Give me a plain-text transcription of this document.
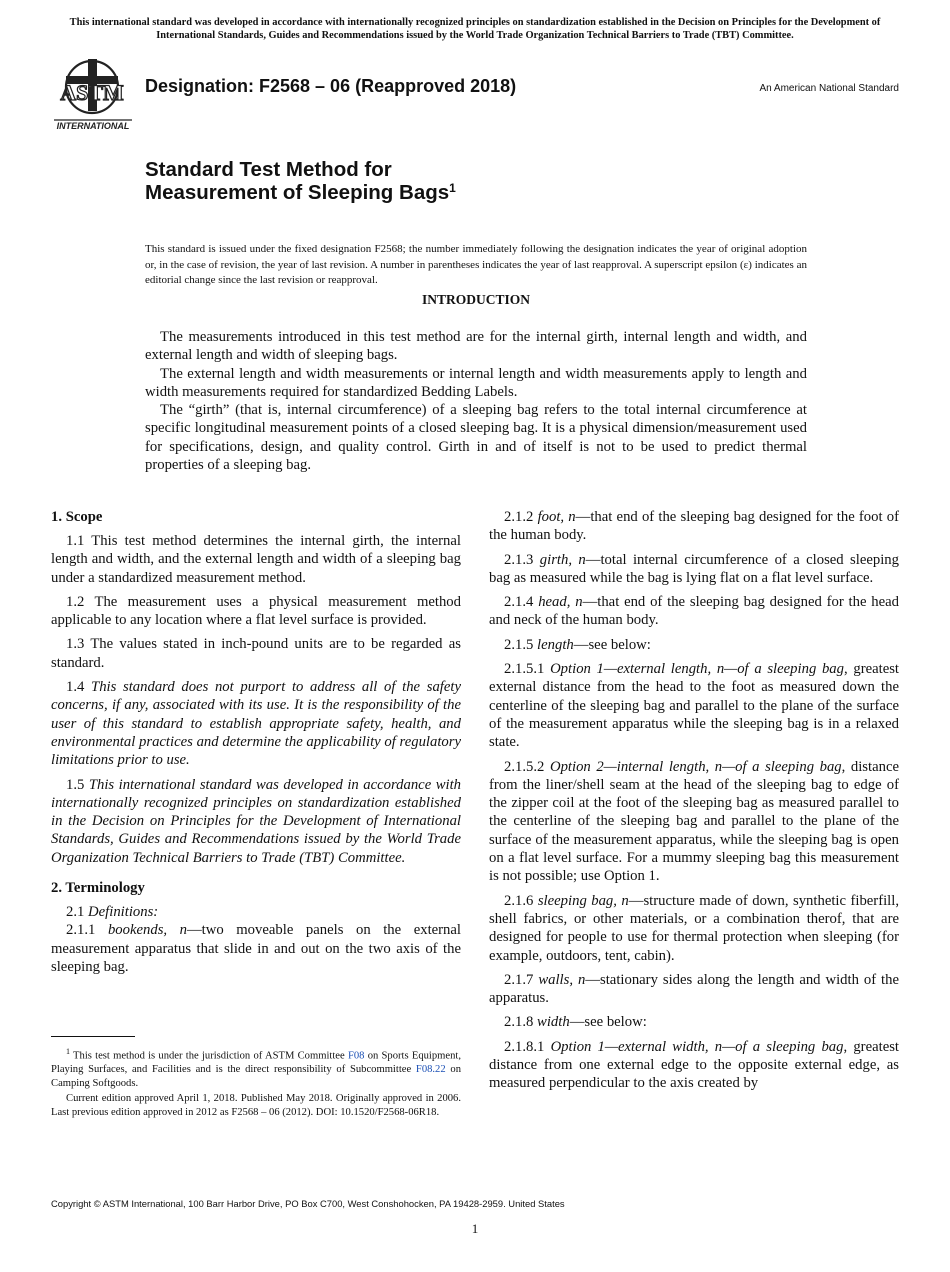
This international standard was developed in accordance with internationally recognized principles on standardization established in the Decision on Principles for the Development of International Standards, Guides and Recommendations issued by the World Trade Organization Technical Barriers to Trade (TBT) Committee.
ASTM
INTERNATIONAL
Designation: F2568 – 06 (Reapproved 2018)	An American National Standard
Standard Test Method for
Measurement of Sleeping Bags$^1$
This standard is issued under the fixed designation F2568; the number immediately following the designation indicates the year of original adoption or, in the case of revision, the year of last revision. A number in parentheses indicates the year of last reapproval. A superscript epsilon (ε) indicates an editorial change since the last revision or reapproval.
INTRODUCTION

The measurements introduced in this test method are for the internal girth, internal length and width, and external length and width of sleeping bags.

The external length and width measurements or internal length and width measurements apply to length and width measurements required for standardized Bedding Labels.

The “girth” (that is, internal circumference) of a sleeping bag refers to the total internal circumference at specific longitudinal measurement points of a closed sleeping bag. It is a physical dimension/measurement used for specifications, design, and quality control. Girth in and of itself is not to be used to predict thermal properties of a sleeping bag.

1. Scope

1.1 This test method determines the internal girth, the internal length and width, and the external length and width of a sleeping bag under a standardized measurement method.

1.2 The measurement uses a physical measurement method applicable to any location where a flat level surface is provided.

1.3 The values stated in inch-pound units are to be regarded as standard.

1.4 This standard does not purport to address all of the safety concerns, if any, associated with its use. It is the responsibility of the user of this standard to establish appropriate safety, health, and environmental practices and determine the applicability of regulatory limitations prior to use.

1.5 This international standard was developed in accordance with internationally recognized principles on standardization established in the Decision on Principles for the Development of International Standards, Guides and Recommendations issued by the World Trade Organization Technical Barriers to Trade (TBT) Committee.

2. Terminology

2.1 Definitions:

2.1.1 bookends, n—two moveable panels on the external measurement apparatus that slide in and out on the two axis of the sleeping bag.

$^1$ This test method is under the jurisdiction of ASTM Committee F08 on Sports Equipment, Playing Surfaces, and Facilities and is the direct responsibility of Subcommittee F08.22 on Camping Softgoods.

Current edition approved April 1, 2018. Published May 2018. Originally approved in 2006. Last previous edition approved in 2012 as F2568 – 06 (2012). DOI: 10.1520/F2568-06R18.

2.1.2 foot, n—that end of the sleeping bag designed for the foot of the human body.

2.1.3 girth, n—total internal circumference of a closed sleeping bag as measured while the bag is lying flat on a flat level surface.

2.1.4 head, n—that end of the sleeping bag designed for the head and neck of the human body.

2.1.5 length—see below:

2.1.5.1 Option 1—external length, n—of a sleeping bag, greatest external distance from the head to the foot as measured down the centerline of the sleeping bag and parallel to the plane of the surface of the measurement apparatus while the sleeping bag is in a relaxed state.

2.1.5.2 Option 2—internal length, n—of a sleeping bag, distance from the liner/shell seam at the head of the sleeping bag to edge of the zipper coil at the foot of the sleeping bag as measured parallel to the centerline of the sleeping bag and parallel to the plane of the surface of the measurement apparatus, while the sleeping bag is open on a flat level surface. For a mummy sleeping bag this measurement is not possible; use Option 1.

2.1.6 sleeping bag, n—structure made of down, synthetic fiberfill, shell fabrics, or other materials, or a combination therof, that are designed for people to use for thermal protection when sleeping (for example, outdoors, tent, cabin).

2.1.7 walls, n—stationary sides along the length and width of the apparatus.

2.1.8 width—see below:

2.1.8.1 Option 1—external width, n—of a sleeping bag, greatest distance from one external edge to the opposite external edge, as measured perpendicular to the axis created by

Copyright © ASTM International, 100 Barr Harbor Drive, PO Box C700, West Conshohocken, PA 19428-2959. United States
1
